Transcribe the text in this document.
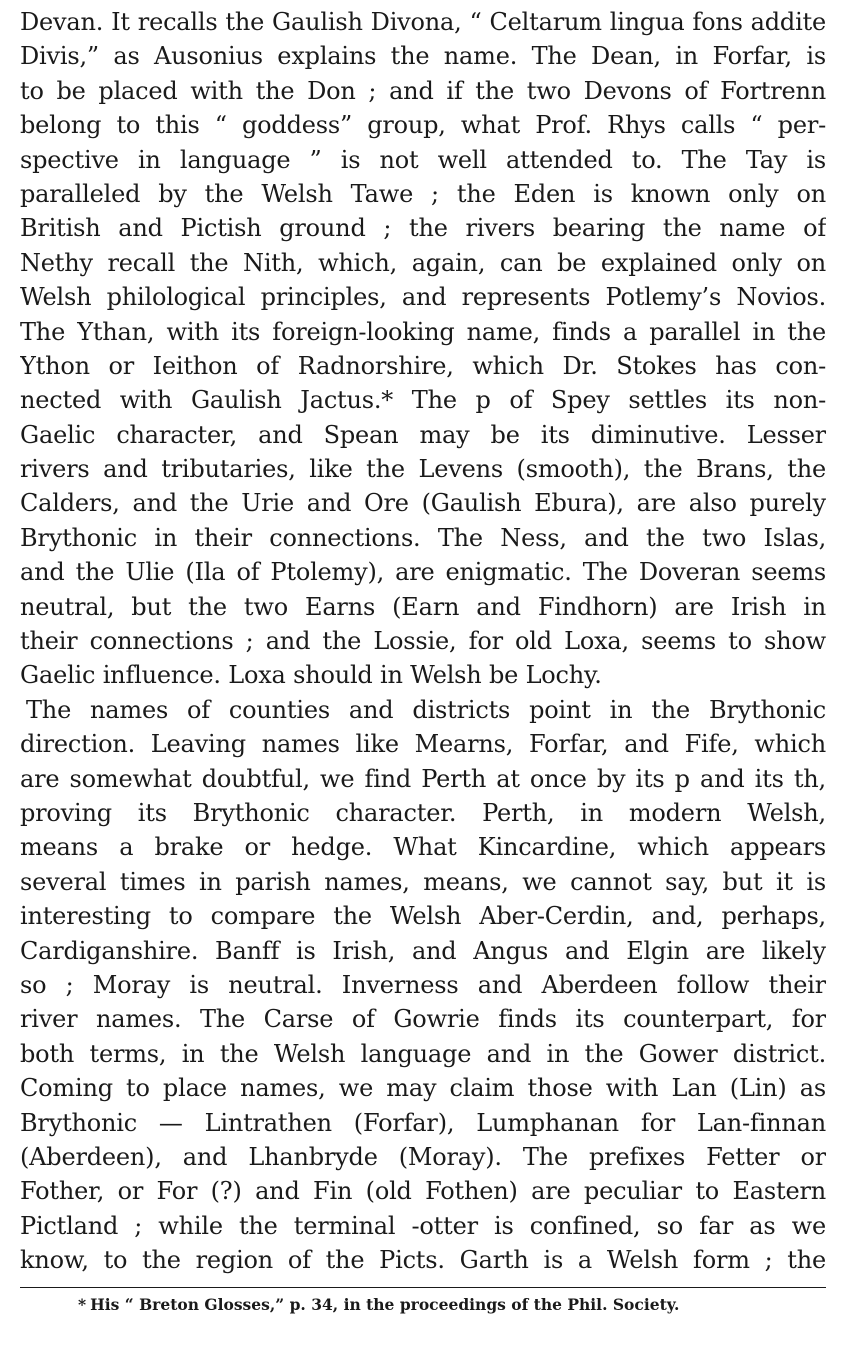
Devan. It recalls the Gaulish Divona, “ Celtarum lingua fons addite
Divis,” as Ausonius explains the name. The Dean, in Forfar, is
to be placed with the Don ; and if the two Devons of Fortrenn
belong to this “ goddess” group, what Prof. Rhys calls “ per-
spective in language ” is not well attended to. The Tay is
paralleled by the Welsh Tawe ; the Eden is known only on
British and Pictish ground ; the rivers bearing the name of
Nethy recall the Nith, which, again, can be explained only on
Welsh philological principles, and represents Potlemy’s Novios.
The Ythan, with its foreign-looking name, finds a parallel in the
Ython or Ieithon of Radnorshire, which Dr. Stokes has con-
nected with Gaulish Jactus.* The p of Spey settles its non-
Gaelic character, and Spean may be its diminutive. Lesser
rivers and tributaries, like the Levens (smooth), the Brans, the
Calders, and the Urie and Ore (Gaulish Ebura), are also purely
Brythonic in their connections. The Ness, and the two Islas,
and the Ulie (Ila of Ptolemy), are enigmatic. The Doveran seems
neutral, but the two Earns (Earn and Findhorn) are Irish in
their connections ; and the Lossie, for old Loxa, seems to show
Gaelic influence. Loxa should in Welsh be Lochy.
The names of counties and districts point in the Brythonic
direction. Leaving names like Mearns, Forfar, and Fife, which
are somewhat doubtful, we find Perth at once by its p and its th,
proving its Brythonic character. Perth, in modern Welsh,
means a brake or hedge. What Kincardine, which appears
several times in parish names, means, we cannot say, but it is
interesting to compare the Welsh Aber-Cerdin, and, perhaps,
Cardiganshire. Banff is Irish, and Angus and Elgin are likely
so ; Moray is neutral. Inverness and Aberdeen follow their
river names. The Carse of Gowrie finds its counterpart, for
both terms, in the Welsh language and in the Gower district.
Coming to place names, we may claim those with Lan (Lin) as
Brythonic — Lintrathen (Forfar), Lumphanan for Lan-finnan
(Aberdeen), and Lhanbryde (Moray). The prefixes Fetter or
Fother, or For (?) and Fin (old Fothen) are peculiar to Eastern
Pictland ; while the terminal -otter is confined, so far as we
know, to the region of the Picts. Garth is a Welsh form ; the
* His “ Breton Glosses,” p. 34, in the proceedings of the Phil. Society.
